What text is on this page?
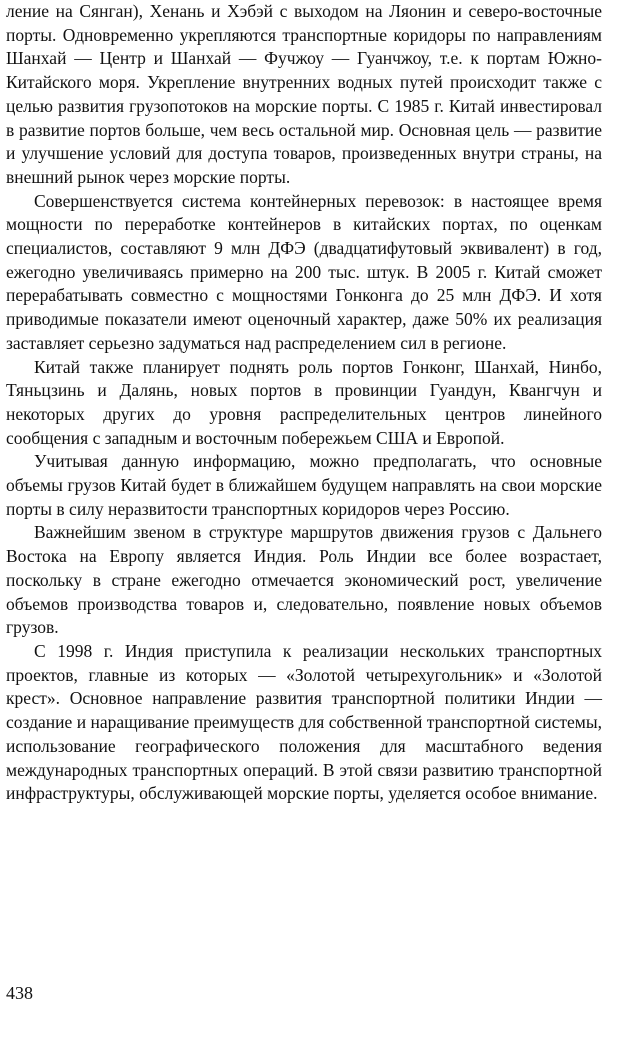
ление на Сянган), Хенань и Хэбэй с выходом на Ляонин и северо-восточные порты. Одновременно укрепляются транспортные коридоры по направлениям Шанхай — Центр и Шанхай — Фучжоу — Гуанчжоу, т.е. к портам Южно-Китайского моря. Укрепление внутренних водных путей происходит также с целью развития грузопотоков на морские порты. С 1985 г. Китай инвестировал в развитие портов больше, чем весь остальной мир. Основная цель — развитие и улучшение условий для доступа товаров, произведенных внутри страны, на внешний рынок через морские порты.

Совершенствуется система контейнерных перевозок: в настоящее время мощности по переработке контейнеров в китайских портах, по оценкам специалистов, составляют 9 млн ДФЭ (двадцатифутовый эквивалент) в год, ежегодно увеличиваясь примерно на 200 тыс. штук. В 2005 г. Китай сможет перерабатывать совместно с мощностями Гонконга до 25 млн ДФЭ. И хотя приводимые показатели имеют оценочный характер, даже 50% их реализация заставляет серьезно задуматься над распределением сил в регионе.

Китай также планирует поднять роль портов Гонконг, Шанхай, Нинбо, Тяньцзинь и Далянь, новых портов в провинции Гуандун, Квангчун и некоторых других до уровня распределительных центров линейного сообщения с западным и восточным побережьем США и Европой.

Учитывая данную информацию, можно предполагать, что основные объемы грузов Китай будет в ближайшем будущем направлять на свои морские порты в силу неразвитости транспортных коридоров через Россию.

Важнейшим звеном в структуре маршрутов движения грузов с Дальнего Востока на Европу является Индия. Роль Индии все более возрастает, поскольку в стране ежегодно отмечается экономический рост, увеличение объемов производства товаров и, следовательно, появление новых объемов грузов.

С 1998 г. Индия приступила к реализации нескольких транспортных проектов, главные из которых — «Золотой четырехугольник» и «Золотой крест». Основное направление развития транспортной политики Индии — создание и наращивание преимуществ для собственной транспортной системы, использование географического положения для масштабного ведения международных транспортных операций. В этой связи развитию транспортной инфраструктуры, обслуживающей морские порты, уделяется особое внимание.

438
